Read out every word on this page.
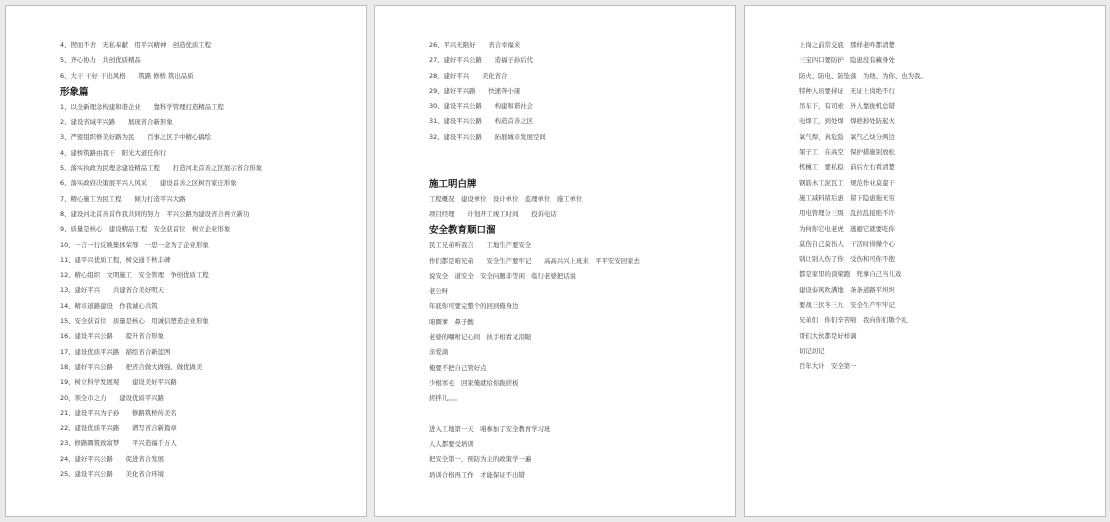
4、锲而不舍　无私奉献　用平兴精神　创造优质工程
5、齐心协力　共创优质精品
6、大干 干好 干出风格　　筑路 修桥 筑出品质
形象篇
1、以全新理念构建和谐企业　　靠科学管理打造精品工程
2、建设省域平兴路　　展现省合新形象
3、严密组织修美好路为民　　百事之区手中精心搞绘
4、建桥筑路由我干　阳光大道任你行
5、落实执政为民理念建设精品工程　　打造河北首善之区展示省合形象
6、落实政府决策展平兴人风采　　建设首善之区树百家庄形象
7、精心施工为民工程　　倾力打造平兴大路
8、建设河北首善首作我共同的努力　平兴公路为建设省合再立新功
9、质量是核心　建设精品工程　安全获首位　树立企业形象
10、一言一行反映集体荣辱　一思一念为了企业形象
11、建平兴优质工程，树交通千秋丰碑
12、精心组织　文明施工　安全管理　争创优质工程
13、建好平兴　　共建省合美好明天
14、精市道路建设　作我诚心共筑
15、安全获首位　质量是核心　用诚信塑造企业形象
16、建设平兴公路　　提升省合形象
17、建设优质平兴路　描绘省合新蓝图
18、建好平兴公路　　把省合做大做强、做优做美
19、树立科学发展观　　建设美好平兴路
20、领全市之力　　建设优质平兴路
21、建设平兴为子孙　　修路筑桥传美名
22、建设优质平兴路　　谱写省合新篇章
23、修路圈筑致富梦　　平兴造福千万人
24、建好平兴公路　　促进省合发展
25、建设平兴公路　　美化省合环境
26、平兴无限好　　省合幸福来
27、建好平兴公路　　造福子孙后代
28、建好平兴　　美化省合
29、建好平兴路　　快速奔小康
30、建设平兴公路　　构建和谐社会
31、建设平兴公路　　构造首善之区
32、建设平兴公路　　拓展城市发展空间
施工明白牌
工程概况　建设单位　设计单位　监理单位　施工单位
项目经理　　计划开工竣工时间　　投诉电话
安全教育顺口溜
民工兄弟听我言　　工地生产要安全
作们都是咱兄弟　　安全生产要牢记　　高高兴兴上班来　平平安安回家去
说安全　道安全　安全问题非等闲　临行老婆把话说
老公呀
年底你可要完整个的回到俺身边
咱圈爹　鼻子酸
老婆的嘱咐记心间　执手相看叉泪眼
亲爱滴
俺要不把自己管好点
少根寒毛　回家俺就给你跪搓板
搓拌儿。。。
进入工地第一天　咱参加了安全教育学习班
人人都要受培训
把安全第一，预防为主的政策学一遍
培训合格再工作　才能保证不出错
上岗之前常交底　那样老咋都清楚
三宝四口要防护　隐患没有藏身处
防火、防电、防坠落　为他、为你、也为我。
特种人员要持证　无证上岗绝不行
吊车下，有司索　外人靠拢机总错
电焊工，到处焊　焊疤掉处防起火
氧气焊，真危险　氧气乙炔分两边
架子工　在高空　保护措施别放松
机械工　要私稳　前后左右看清楚
钢筋木工泥瓦工　规范作业莫蛮干
施工减料留后患　留下隐患拖无穷
用电管理分三级　乱拉乱接绝不许
为何你它电老虎　逃避它就要吃你
莫伤自己莫伤人　干活时得操个心
别让别人伤了你　受伤和可你不抱
都是家里的顶梁跑　兜拿自己当儿戏
建设泰风吹满地　条条道路平坦坦
要战三伏冬三九　安全生产牢牢记
兄弟们　你们辛苦啦　我向你们敬个礼
哥们大伙都是好样滴
切记切记
百年大计　安全第一
